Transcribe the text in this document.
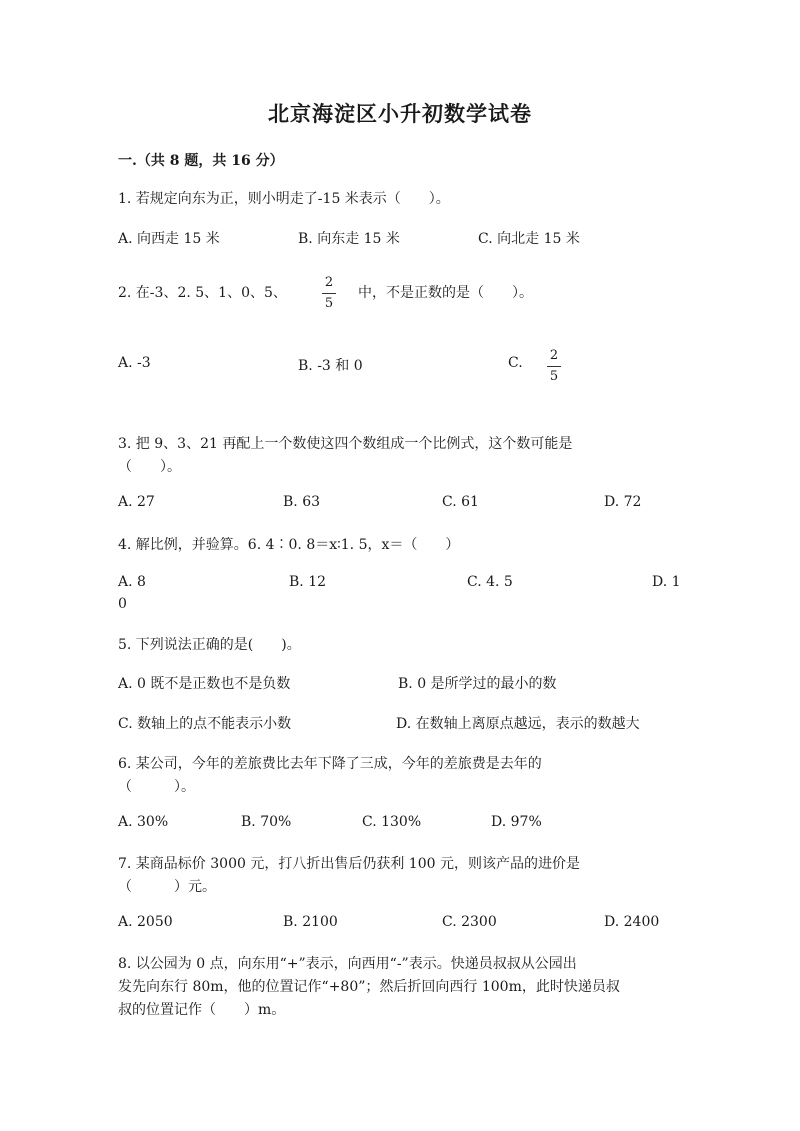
北京海淀区小升初数学试卷
一.（共 8 题，共 16 分）
1. 若规定向东为正，则小明走了-15 米表示（　　）。
A. 向西走 15 米	B. 向东走 15 米	C. 向北走 15 米
2. 在-3、2. 5、1、0、5、
2
5
中，不是正数的是（　　）。
A. -3	B. -3 和 0	C. 2
5
3. 把 9、3、21 再配上一个数使这四个数组成一个比例式，这个数可能是
（　　）。
A. 27	B. 63	C. 61	D. 72
4. 解比例，并验算。6. 4∶0. 8＝x∶1. 5，x＝（　　）
A. 8	B. 12	C. 4. 5	D. 1
0
5. 下列说法正确的是(　　)。
A. 0 既不是正数也不是负数	B. 0 是所学过的最小的数
C. 数轴上的点不能表示小数	D. 在数轴上离原点越远，表示的数越大
6. 某公司，今年的差旅费比去年下降了三成，今年的差旅费是去年的
（　　　）。
A. 30%	B. 70%	C. 130%	D. 97%
7. 某商品标价 3000 元，打八折出售后仍获利 100 元，则该产品的进价是
（　　　）元。
A. 2050	B. 2100	C. 2300	D. 2400
8. 以公园为 0 点，向东用“+”表示，向西用“-”表示。快递员叔叔从公园出
发先向东行 80m，他的位置记作“+80”；然后折回向西行 100m，此时快递员叔
叔的位置记作（　　）m。
